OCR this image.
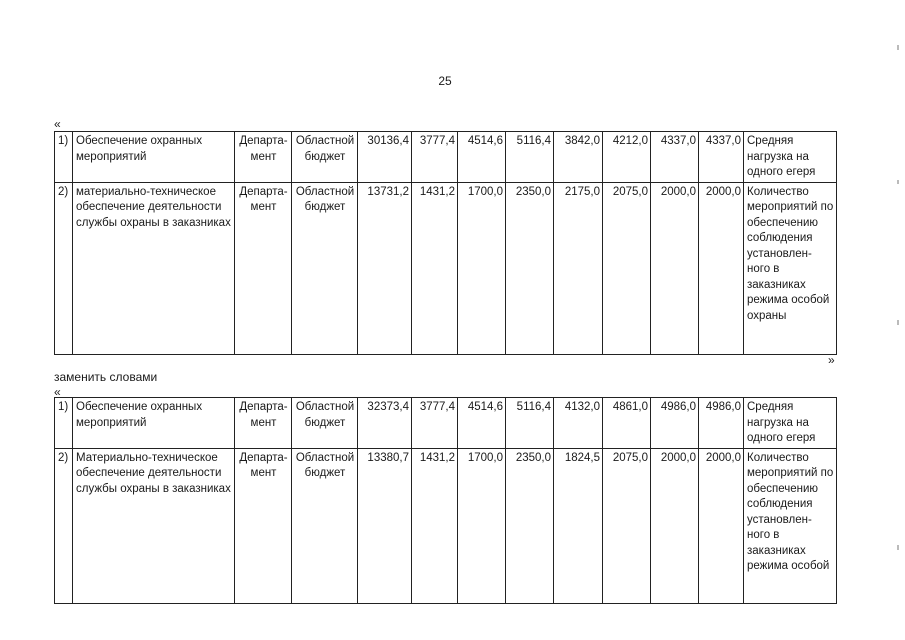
25
«
1)	Обеспечение охранных мероприятий	Департа-мент	Областной бюджет	30136,4	3777,4	4514,6	5116,4	3842,0	4212,0	4337,0	4337,0	Средняя нагрузка на одного егеря
2)	материально-техническое обеспечение деятельности службы охраны в заказниках	Департа-мент	Областной бюджет	13731,2	1431,2	1700,0	2350,0	2175,0	2075,0	2000,0	2000,0	Количество мероприятий по обеспечению соблюдения установлен-ного в заказниках режима особой охраны
»
заменить словами
«
1)	Обеспечение охранных мероприятий	Департа-мент	Областной бюджет	32373,4	3777,4	4514,6	5116,4	4132,0	4861,0	4986,0	4986,0	Средняя нагрузка на одного егеря
2)	Материально-техническое обеспечение деятельности службы охраны в заказниках	Департа-мент	Областной бюджет	13380,7	1431,2	1700,0	2350,0	1824,5	2075,0	2000,0	2000,0	Количество мероприятий по обеспечению соблюдения установлен-ного в заказниках режима особой
